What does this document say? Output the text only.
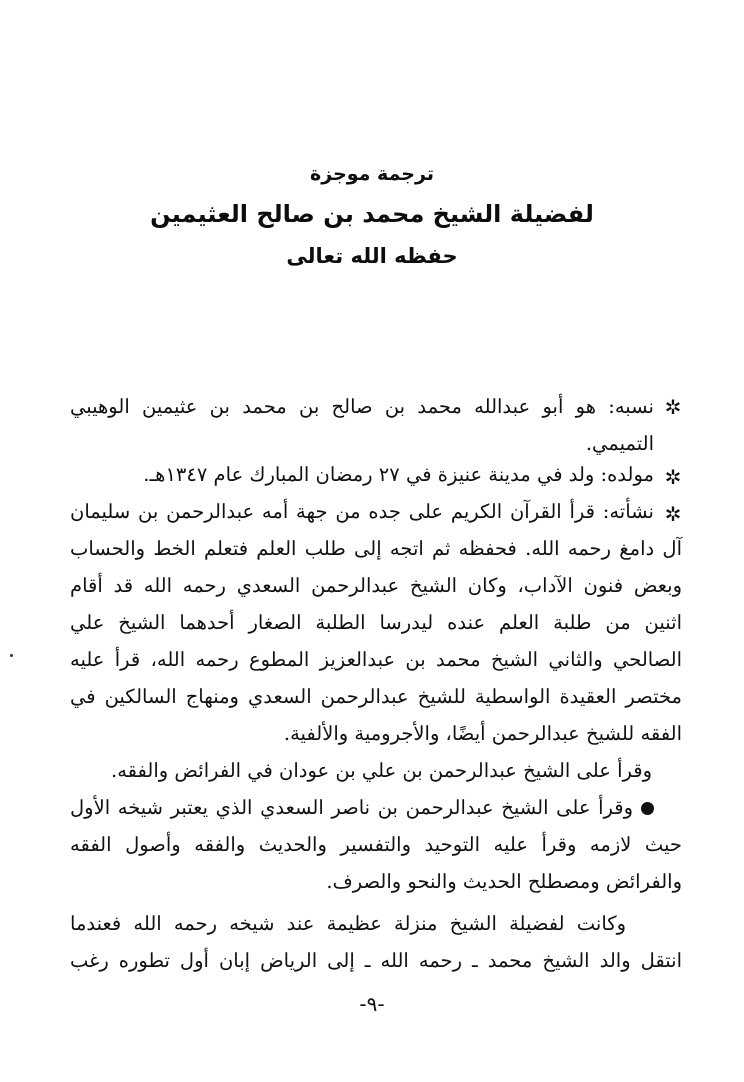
ترجمة موجزة
لفضيلة الشيخ محمد بن صالح العثيمين
حفظه الله تعالى
✲
نسبه: هو أبو عبدالله محمد بن صالح بن محمد بن عثيمين الوهيبي
التميمي.
✲
مولده: ولد في مدينة عنيزة في ٢٧ رمضان المبارك عام ١٣٤٧هـ.
✲
نشأته: قرأ القرآن الكريم على جده من جهة أمه عبدالرحمن بن سليمان
آل دامغ رحمه الله. فحفظه ثم اتجه إلى طلب العلم فتعلم الخط والحساب
وبعض فنون الآداب، وكان الشيخ عبدالرحمن السعدي رحمه الله قد أقام
اثنين من طلبة العلم عنده ليدرسا الطلبة الصغار أحدهما الشيخ علي
الصالحي والثاني الشيخ محمد بن عبدالعزيز المطوع رحمه الله، قرأ عليه
مختصر العقيدة الواسطية للشيخ عبدالرحمن السعدي ومنهاج السالكين في
الفقه للشيخ عبدالرحمن أيضًا، والأجرومية والألفية.
وقرأ على الشيخ عبدالرحمن بن علي بن عودان في الفرائض والفقه.
وقرأ على الشيخ عبدالرحمن بن ناصر السعدي الذي يعتبر شيخه الأول
حيث لازمه وقرأ عليه التوحيد والتفسير والحديث والفقه وأصول الفقه
والفرائض ومصطلح الحديث والنحو والصرف.
وكانت لفضيلة الشيخ منزلة عظيمة عند شيخه رحمه الله فعندما
انتقل والد الشيخ محمد ـ رحمه الله ـ إلى الرياض إبان أول تطوره رغب
-٩-
